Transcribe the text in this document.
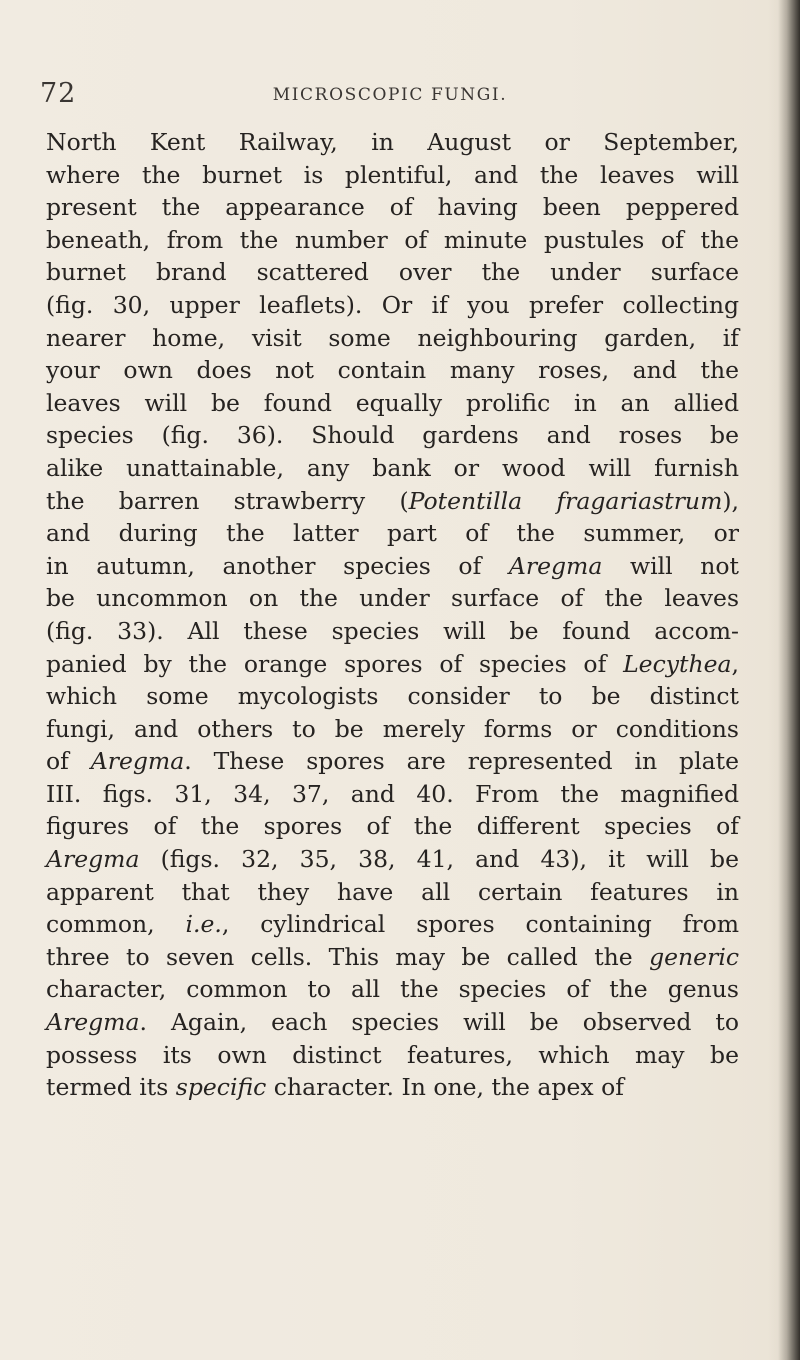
72	MICROSCOPIC FUNGI.
North Kent Railway, in August or September,
where the burnet is plentiful, and the leaves will
present the appearance of having been peppered
beneath, from the number of minute pustules of the
burnet brand scattered over the under surface
(fig. 30, upper leaflets). Or if you prefer collecting
nearer home, visit some neighbouring garden, if
your own does not contain many roses, and the
leaves will be found equally prolific in an allied
species (fig. 36). Should gardens and roses be
alike unattainable, any bank or wood will furnish
the barren strawberry (Potentilla fragariastrum),
and during the latter part of the summer, or
in autumn, another species of Aregma will not
be uncommon on the under surface of the leaves
(fig. 33). All these species will be found accom-
panied by the orange spores of species of Lecythea,
which some mycologists consider to be distinct
fungi, and others to be merely forms or conditions
of Aregma. These spores are represented in plate
III. figs. 31, 34, 37, and 40. From the magnified
figures of the spores of the different species of
Aregma (figs. 32, 35, 38, 41, and 43), it will be
apparent that they have all certain features in
common, i.e., cylindrical spores containing from
three to seven cells. This may be called the generic
character, common to all the species of the genus
Aregma. Again, each species will be observed to
possess its own distinct features, which may be
termed its specific character. In one, the apex of
